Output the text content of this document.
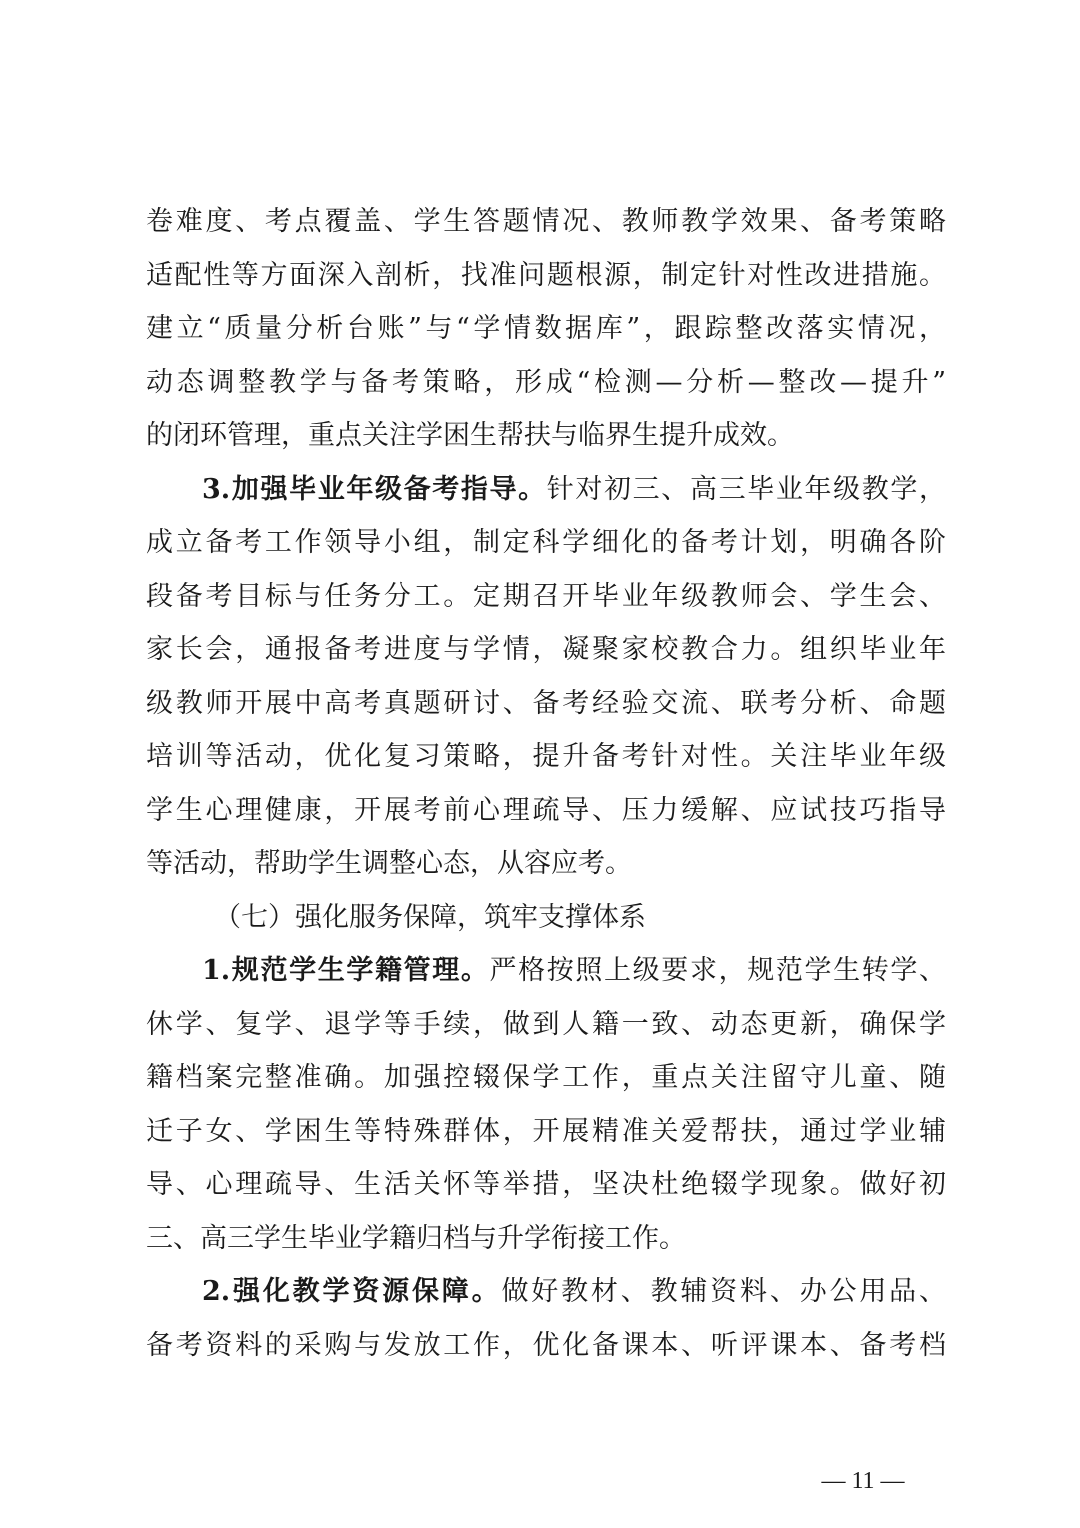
卷难度、考点覆盖、学生答题情况、教师教学效果、备考策略
适配性等方面深入剖析，找准问题根源，制定针对性改进措施。
建立“质量分析台账”与“学情数据库”，跟踪整改落实情况，
动态调整教学与备考策略，形成“检测—分析—整改—提升”
的闭环管理，重点关注学困生帮扶与临界生提升成效。
3.加强毕业年级备考指导。针对初三、高三毕业年级教学，
成立备考工作领导小组，制定科学细化的备考计划，明确各阶
段备考目标与任务分工。定期召开毕业年级教师会、学生会、
家长会，通报备考进度与学情，凝聚家校教合力。组织毕业年
级教师开展中高考真题研讨、备考经验交流、联考分析、命题
培训等活动，优化复习策略，提升备考针对性。关注毕业年级
学生心理健康，开展考前心理疏导、压力缓解、应试技巧指导
等活动，帮助学生调整心态，从容应考。
（七）强化服务保障，筑牢支撑体系
1.规范学生学籍管理。严格按照上级要求，规范学生转学、
休学、复学、退学等手续，做到人籍一致、动态更新，确保学
籍档案完整准确。加强控辍保学工作，重点关注留守儿童、随
迁子女、学困生等特殊群体，开展精准关爱帮扶，通过学业辅
导、心理疏导、生活关怀等举措，坚决杜绝辍学现象。做好初
三、高三学生毕业学籍归档与升学衔接工作。
2.强化教学资源保障。做好教材、教辅资料、办公用品、
备考资料的采购与发放工作，优化备课本、听评课本、备考档
— 11 —
